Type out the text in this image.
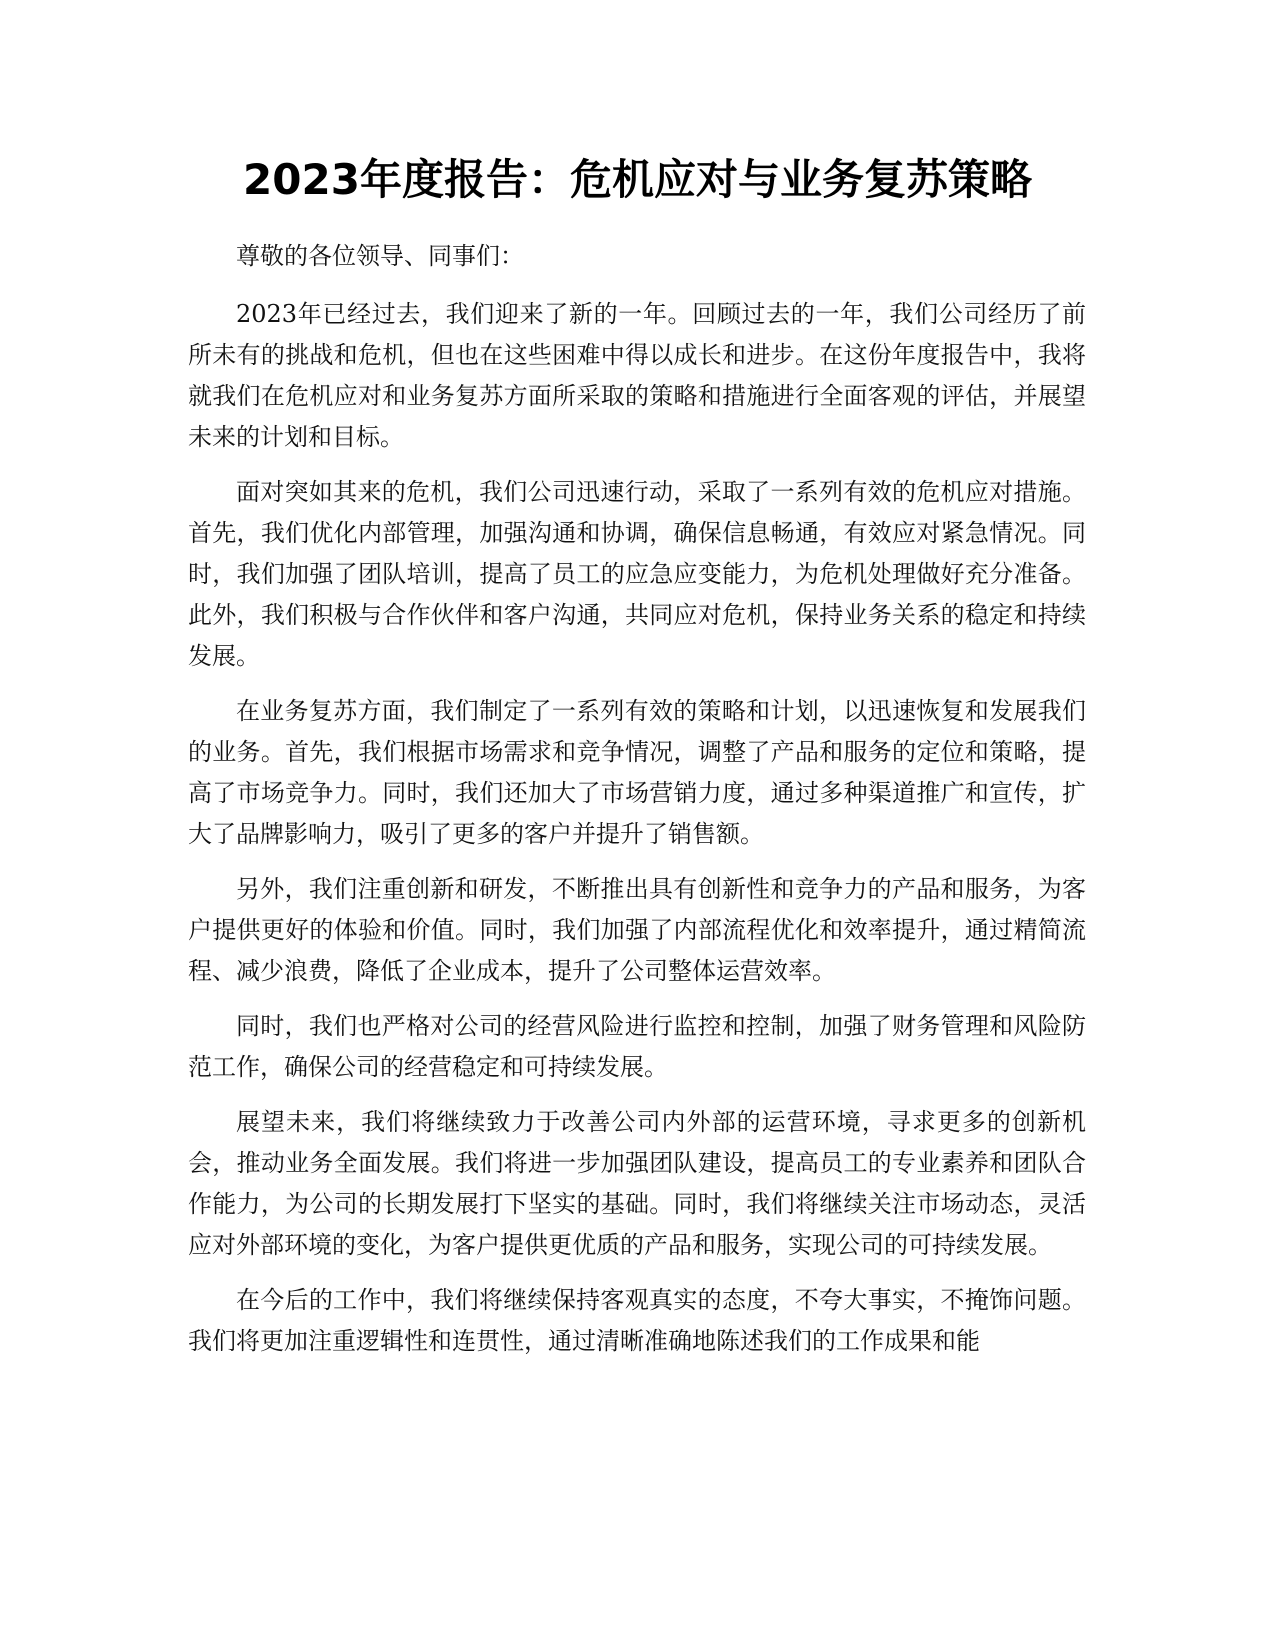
2023年度报告：危机应对与业务复苏策略

尊敬的各位领导、同事们：

2023年已经过去，我们迎来了新的一年。回顾过去的一年，我们公司经历了前所未有的挑战和危机，但也在这些困难中得以成长和进步。在这份年度报告中，我将就我们在危机应对和业务复苏方面所采取的策略和措施进行全面客观的评估，并展望未来的计划和目标。

面对突如其来的危机，我们公司迅速行动，采取了一系列有效的危机应对措施。首先，我们优化内部管理，加强沟通和协调，确保信息畅通，有效应对紧急情况。同时，我们加强了团队培训，提高了员工的应急应变能力，为危机处理做好充分准备。此外，我们积极与合作伙伴和客户沟通，共同应对危机，保持业务关系的稳定和持续发展。

在业务复苏方面，我们制定了一系列有效的策略和计划，以迅速恢复和发展我们的业务。首先，我们根据市场需求和竞争情况，调整了产品和服务的定位和策略，提高了市场竞争力。同时，我们还加大了市场营销力度，通过多种渠道推广和宣传，扩大了品牌影响力，吸引了更多的客户并提升了销售额。

另外，我们注重创新和研发，不断推出具有创新性和竞争力的产品和服务，为客户提供更好的体验和价值。同时，我们加强了内部流程优化和效率提升，通过精简流程、减少浪费，降低了企业成本，提升了公司整体运营效率。

同时，我们也严格对公司的经营风险进行监控和控制，加强了财务管理和风险防范工作，确保公司的经营稳定和可持续发展。

展望未来，我们将继续致力于改善公司内外部的运营环境，寻求更多的创新机会，推动业务全面发展。我们将进一步加强团队建设，提高员工的专业素养和团队合作能力，为公司的长期发展打下坚实的基础。同时，我们将继续关注市场动态，灵活应对外部环境的变化，为客户提供更优质的产品和服务，实现公司的可持续发展。

在今后的工作中，我们将继续保持客观真实的态度，不夸大事实，不掩饰问题。我们将更加注重逻辑性和连贯性，通过清晰准确地陈述我们的工作成果和能
